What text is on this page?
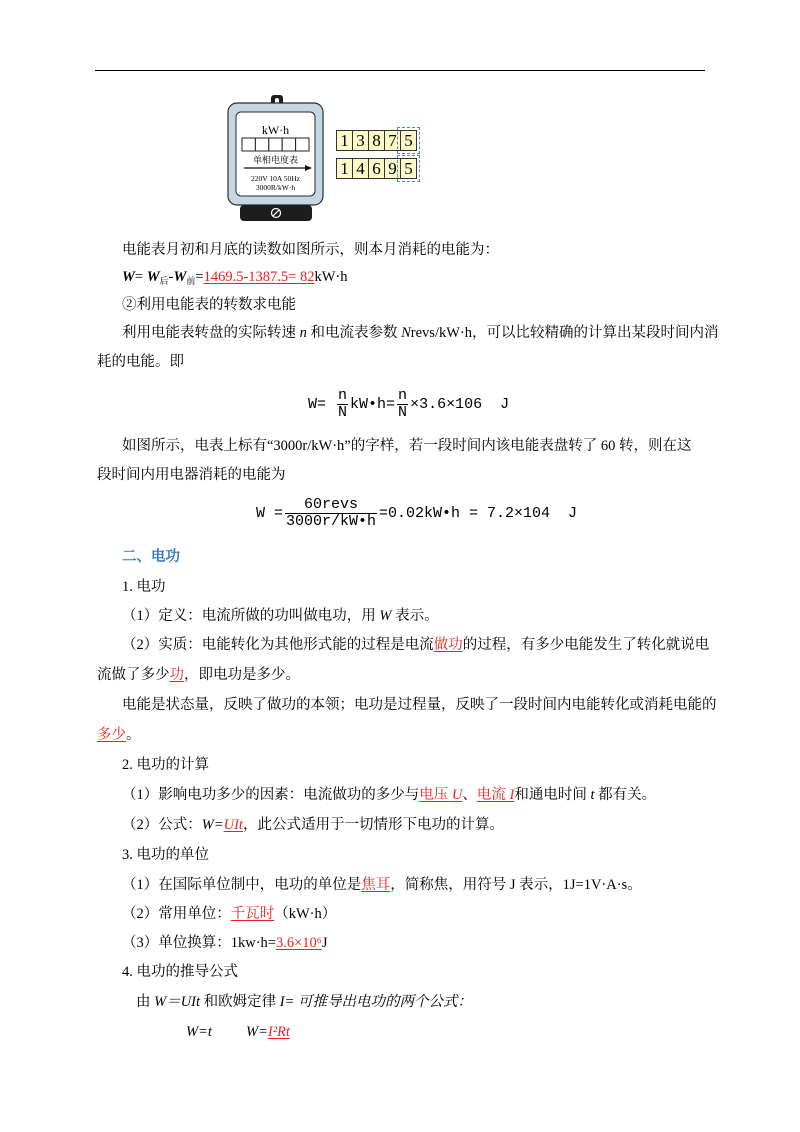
kW·h
单相电度表
220V 10A 50Hz
3000R/kW·h
1 3 8 7 5
1 4 6 9 5
电能表月初和月底的读数如图所示，则本月消耗的电能为：
$W= W_后-W_前=1469.5-1387.5= 82kW\cdot h$
②利用电能表的转数求电能
利用电能表转盘的实际转速 n 和电流表参数 Nrevs/kW·h，可以比较精确的计算出某段时间内消
耗的电能。即
$W= \frac{n}{N}$ kW•h= $\frac{n}{N} \times 3.6\times 106$  J
如图所示，电表上标有“3000r/kW·h”的字样，若一段时间内该电能表盘转了 60 转，则在这
段时间内用电器消耗的电能为
$W = \frac{\text{60revs}}{3000r/kW•h}$ =0.02kW•h = 7.2×104  J
二、电功
1. 电功
（1）定义：电流所做的功叫做电功，用 W 表示。
（2）实质：电能转化为其他形式能的过程是电流做功的过程，有多少电能发生了转化就说电
流做了多少功，即电功是多少。
电能是状态量，反映了做功的本领；电功是过程量，反映了一段时间内电能转化或消耗电能的
多少。
2. 电功的计算
（1）影响电功多少的因素：电流做功的多少与电压 U、电流 I和通电时间 t 都有关。
（2）公式：W=UIt，此公式适用于一切情形下电功的计算。
3. 电功的单位
（1）在国际单位制中，电功的单位是焦耳，简称焦，用符号 J 表示，1J=1V·A·s。
（2）常用单位：千瓦时（kW·h）
（3）单位换算：1kw·h=3.6×10⁶J
4. 电功的推导公式
由 W＝UIt 和欧姆定律 I= 可推导出电功的两个公式：
W=t W=I²Rt
